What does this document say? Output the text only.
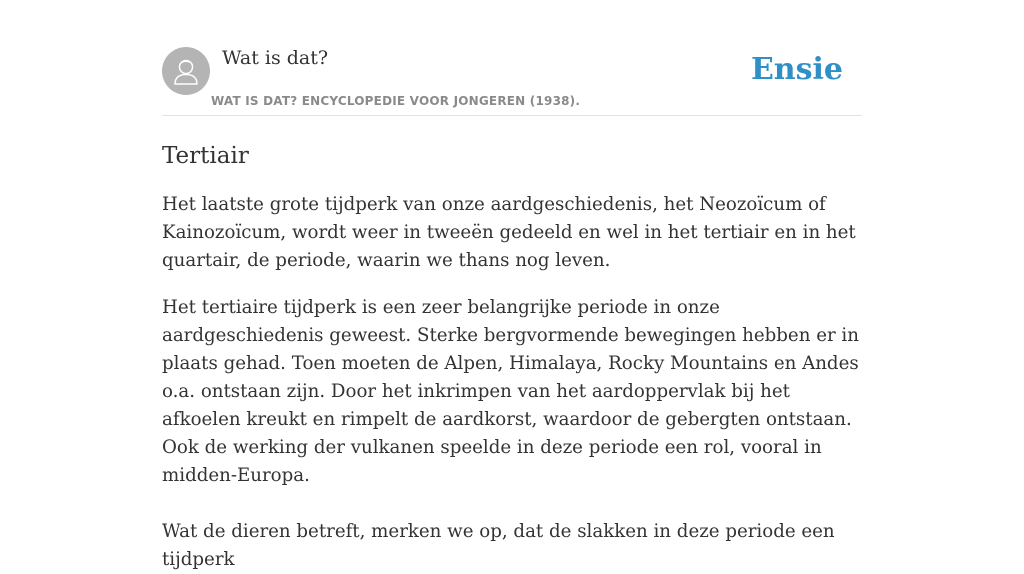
Wat is dat?
WAT IS DAT? ENCYCLOPEDIE VOOR JONGEREN (1938).
Ensie
Tertiair

Het laatste grote tijdperk van onze aardgeschiedenis, het Neozoïcum of Kainozoïcum, wordt weer in tweeën gedeeld en wel in het tertiair en in het quartair, de periode, waarin we thans nog leven.

Het tertiaire tijdperk is een zeer belangrijke periode in onze aardgeschiedenis geweest. Sterke bergvormende bewegingen hebben er in plaats gehad. Toen moeten de Alpen, Himalaya, Rocky Mountains en Andes o.a. ontstaan zijn. Door het inkrimpen van het aardoppervlak bij het afkoelen kreukt en rimpelt de aardkorst, waardoor de gebergten ontstaan. Ook de werking der vulkanen speelde in deze periode een rol, vooral in midden-Europa.

Wat de dieren betreft, merken we op, dat de slakken in deze periode een tijdperk
